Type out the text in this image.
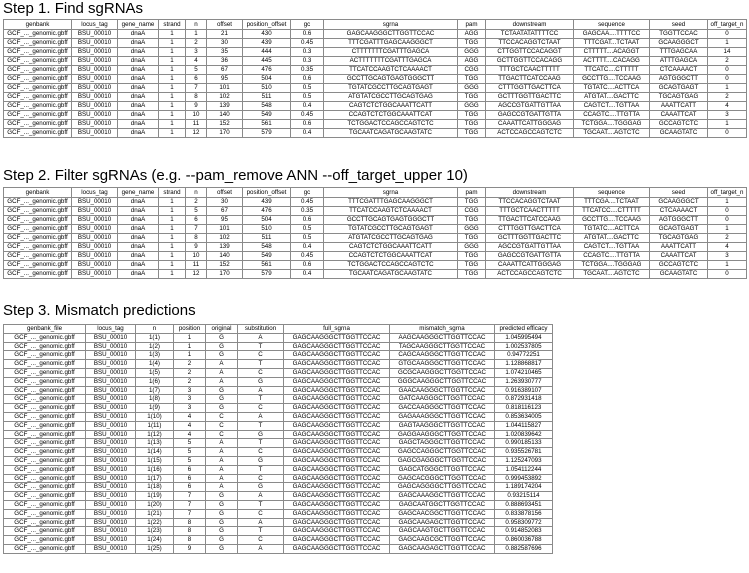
Step 1. Find sgRNAs
genbank	locus_tag	gene_name	strand	n	offset	position_offset	gc	sgrna	pam	downstream	sequence	seed	off_target_n
GCF_..._genomic.gbff	BSU_00010	dnaA	1	1	21	430	0.6	GAGCAAGGGCTTGGTTCCAC	AGG	TCTAATATATTTTCC	GAGCAA....TTTTCC	TGGTTCCAC	0
GCF_..._genomic.gbff	BSU_00010	dnaA	1	2	30	439	0.45	TTTCGATTTGAGCAAGGGCT	TGG	TTCCACAGGTCTAAT	TTTCGAT...TCTAAT	GCAAGGGCT	1
GCF_..._genomic.gbff	BSU_00010	dnaA	1	3	35	444	0.3	CTTTTTTTCGATTTGAGCA	GGG	CTTGGTTCCACAGGT	CTTTTT....ACAGGT	TTTGAGCAA	14
GCF_..._genomic.gbff	BSU_00010	dnaA	1	4	36	445	0.3	ACTTTTTTTCGATTTGAGCA	AGG	GCTTGGTTCCACAGG	ACTTTT....CACAGG	ATTTGAGCA	2
GCF_..._genomic.gbff	BSU_00010	dnaA	1	5	67	476	0.35	TTCATCCAAGTCTCAAAACT	CGG	TTTGCTCAACTTTTT	TTCATC....CTTTTT	CTCAAAACT	0
GCF_..._genomic.gbff	BSU_00010	dnaA	1	6	95	504	0.6	GCCTTGCAGTGAGTGGGCTT	TGG	TTGACTTCATCCAAG	GCCTTG....TCCAAG	AGTGGGCTT	0
GCF_..._genomic.gbff	BSU_00010	dnaA	1	7	101	510	0.5	TGTATCGCCTTGCAGTGAGT	GGG	CTTTGGTTGACTTCA	TGTATC....ACTTCA	GCAGTGAGT	1
GCF_..._genomic.gbff	BSU_00010	dnaA	1	8	102	511	0.5	ATGTATCGCCTTGCAGTGAG	TGG	GCTTTGGTTGACTTC	ATGTAT....GACTTC	TGCAGTGAG	2
GCF_..._genomic.gbff	BSU_00010	dnaA	1	9	139	548	0.4	CAGTCTCTGGCAAATTCATT	GGG	AGCCGTGATTGTTAA	CAGTCT....TGTTAA	AAATTCATT	4
GCF_..._genomic.gbff	BSU_00010	dnaA	1	10	140	549	0.45	CCAGTCTCTGGCAAATTCAT	TGG	GAGCCGTGATTGTTA	CCAGTC....TTGTTA	CAAATTCAT	3
GCF_..._genomic.gbff	BSU_00010	dnaA	1	11	152	561	0.6	TCTGGACTCCAGCCAGTCTC	TGG	CAAATTCATTGGGAG	TCTGGA....TGGGAG	GCCAGTCTC	1
GCF_..._genomic.gbff	BSU_00010	dnaA	1	12	170	579	0.4	TGCAATCAGATGCAAGTATC	TGG	ACTCCAGCCAGTCTC	TGCAAT....AGTCTC	GCAAGTATC	0
Step 2. Filter sgRNAs (e.g. --pam_remove ANN --off_target_upper 10)
genbank	locus_tag	gene_name	strand	n	offset	position_offset	gc	sgrna	pam	downstream	sequence	seed	off_target_n
GCF_..._genomic.gbff	BSU_00010	dnaA	1	2	30	439	0.45	TTTCGATTTGAGCAAGGGCT	TGG	TTCCACAGGTCTAAT	TTTCGA....TCTAAT	GCAAGGGCT	1
GCF_..._genomic.gbff	BSU_00010	dnaA	1	5	67	476	0.35	TTCATCCAAGTCTCAAAACT	CGG	TTTGCTCAACTTTTT	TTCATCC....CTTTTT	CTCAAAACT	0
GCF_..._genomic.gbff	BSU_00010	dnaA	1	6	95	504	0.6	GCCTTGCAGTGAGTGGGCTT	TGG	TTGACTTCATCCAAG	GCCTTG....TCCAAG	AGTGGGCTT	0
GCF_..._genomic.gbff	BSU_00010	dnaA	1	7	101	510	0.5	TGTATCGCCTTGCAGTGAGT	GGG	CTTTGGTTGACTTCA	TGTATC....ACTTCA	GCAGTGAGT	1
GCF_..._genomic.gbff	BSU_00010	dnaA	1	8	102	511	0.5	ATGTATCGCCTTGCAGTGAG	TGG	GCTTTGGTTGACTTC	ATGTAT....GACTTC	TGCAGTGAG	2
GCF_..._genomic.gbff	BSU_00010	dnaA	1	9	139	548	0.4	CAGTCTCTGGCAAATTCATT	GGG	AGCCGTGATTGTTAA	CAGTCT....TGTTAA	AAATTCATT	4
GCF_..._genomic.gbff	BSU_00010	dnaA	1	10	140	549	0.45	CCAGTCTCTGGCAAATTCAT	TGG	GAGCCGTGATTGTTA	CCAGTC....TTGTTA	CAAATTCAT	3
GCF_..._genomic.gbff	BSU_00010	dnaA	1	11	152	561	0.6	TCTGGACTCCAGCCAGTCTC	TGG	CAAATTCATTGGGAG	TCTGGA....TGGGAG	GCCAGTCTC	1
GCF_..._genomic.gbff	BSU_00010	dnaA	1	12	170	579	0.4	TGCAATCAGATGCAAGTATC	TGG	ACTCCAGCCAGTCTC	TGCAAT....AGTCTC	GCAAGTATC	0
Step 3. Mismatch predictions
genbank_file	locus_tag	n	position	original	substitution	full_sgrna	mismatch_sgrna	predicted efficacy
GCF_..._genomic.gbff	BSU_00010	1(1)	1	G	A	GAGCAAGGGCTTGGTTCCAC	AAGCAAGGGCTTGGTTCCAC	1.045995494
GCF_..._genomic.gbff	BSU_00010	1(2)	1	G	T	GAGCAAGGGCTTGGTTCCAC	TAGCAAGGGCTTGGTTCCAC	1.002537805
GCF_..._genomic.gbff	BSU_00010	1(3)	1	G	C	GAGCAAGGGCTTGGTTCCAC	CAGCAAGGGCTTGGTTCCAC	0.94772251
GCF_..._genomic.gbff	BSU_00010	1(4)	2	A	T	GAGCAAGGGCTTGGTTCCAC	GTGCAAGGGCTTGGTTCCAC	1.128868817
GCF_..._genomic.gbff	BSU_00010	1(5)	2	A	C	GAGCAAGGGCTTGGTTCCAC	GCGCAAGGGCTTGGTTCCAC	1.074210465
GCF_..._genomic.gbff	BSU_00010	1(6)	2	A	G	GAGCAAGGGCTTGGTTCCAC	GGGCAAGGGCTTGGTTCCAC	1.263930777
GCF_..._genomic.gbff	BSU_00010	1(7)	3	G	A	GAGCAAGGGCTTGGTTCCAC	GAACAAGGGCTTGGTTCCAC	0.916389107
GCF_..._genomic.gbff	BSU_00010	1(8)	3	G	T	GAGCAAGGGCTTGGTTCCAC	GATCAAGGGCTTGGTTCCAC	0.872931418
GCF_..._genomic.gbff	BSU_00010	1(9)	3	G	C	GAGCAAGGGCTTGGTTCCAC	GACCAAGGGCTTGGTTCCAC	0.818116123
GCF_..._genomic.gbff	BSU_00010	1(10)	4	C	A	GAGCAAGGGCTTGGTTCCAC	GAGAAAGGGCTTGGTTCCAC	0.853634005
GCF_..._genomic.gbff	BSU_00010	1(11)	4	C	T	GAGCAAGGGCTTGGTTCCAC	GAGTAAGGGCTTGGTTCCAC	1.044115827
GCF_..._genomic.gbff	BSU_00010	1(12)	4	C	G	GAGCAAGGGCTTGGTTCCAC	GAGGAAGGGCTTGGTTCCAC	1.020839642
GCF_..._genomic.gbff	BSU_00010	1(13)	5	A	T	GAGCAAGGGCTTGGTTCCAC	GAGCTAGGGCTTGGTTCCAC	0.990185133
GCF_..._genomic.gbff	BSU_00010	1(14)	5	A	C	GAGCAAGGGCTTGGTTCCAC	GAGCCAGGGCTTGGTTCCAC	0.935526781
GCF_..._genomic.gbff	BSU_00010	1(15)	5	A	G	GAGCAAGGGCTTGGTTCCAC	GAGCGAGGGCTTGGTTCCAC	1.125247093
GCF_..._genomic.gbff	BSU_00010	1(16)	6	A	T	GAGCAAGGGCTTGGTTCCAC	GAGCATGGGCTTGGTTCCAC	1.054112244
GCF_..._genomic.gbff	BSU_00010	1(17)	6	A	C	GAGCAAGGGCTTGGTTCCAC	GAGCACGGGCTTGGTTCCAC	0.999453892
GCF_..._genomic.gbff	BSU_00010	1(18)	6	A	G	GAGCAAGGGCTTGGTTCCAC	GAGCAGGGGCTTGGTTCCAC	1.189174204
GCF_..._genomic.gbff	BSU_00010	1(19)	7	G	A	GAGCAAGGGCTTGGTTCCAC	GAGCAAAGGCTTGGTTCCAC	0.93215114
GCF_..._genomic.gbff	BSU_00010	1(20)	7	G	T	GAGCAAGGGCTTGGTTCCAC	GAGCAATGGCTTGGTTCCAC	0.888693451
GCF_..._genomic.gbff	BSU_00010	1(21)	7	G	C	GAGCAAGGGCTTGGTTCCAC	GAGCAACGGCTTGGTTCCAC	0.833878156
GCF_..._genomic.gbff	BSU_00010	1(22)	8	G	A	GAGCAAGGGCTTGGTTCCAC	GAGCAAGAGCTTGGTTCCAC	0.958309772
GCF_..._genomic.gbff	BSU_00010	1(23)	8	G	T	GAGCAAGGGCTTGGTTCCAC	GAGCAAGTGCTTGGTTCCAC	0.914852083
GCF_..._genomic.gbff	BSU_00010	1(24)	8	G	C	GAGCAAGGGCTTGGTTCCAC	GAGCAAGCGCTTGGTTCCAC	0.860036788
GCF_..._genomic.gbff	BSU_00010	1(25)	9	G	A	GAGCAAGGGCTTGGTTCCAC	GAGCAAGAGCTTGGTTCCAC	0.882587696
